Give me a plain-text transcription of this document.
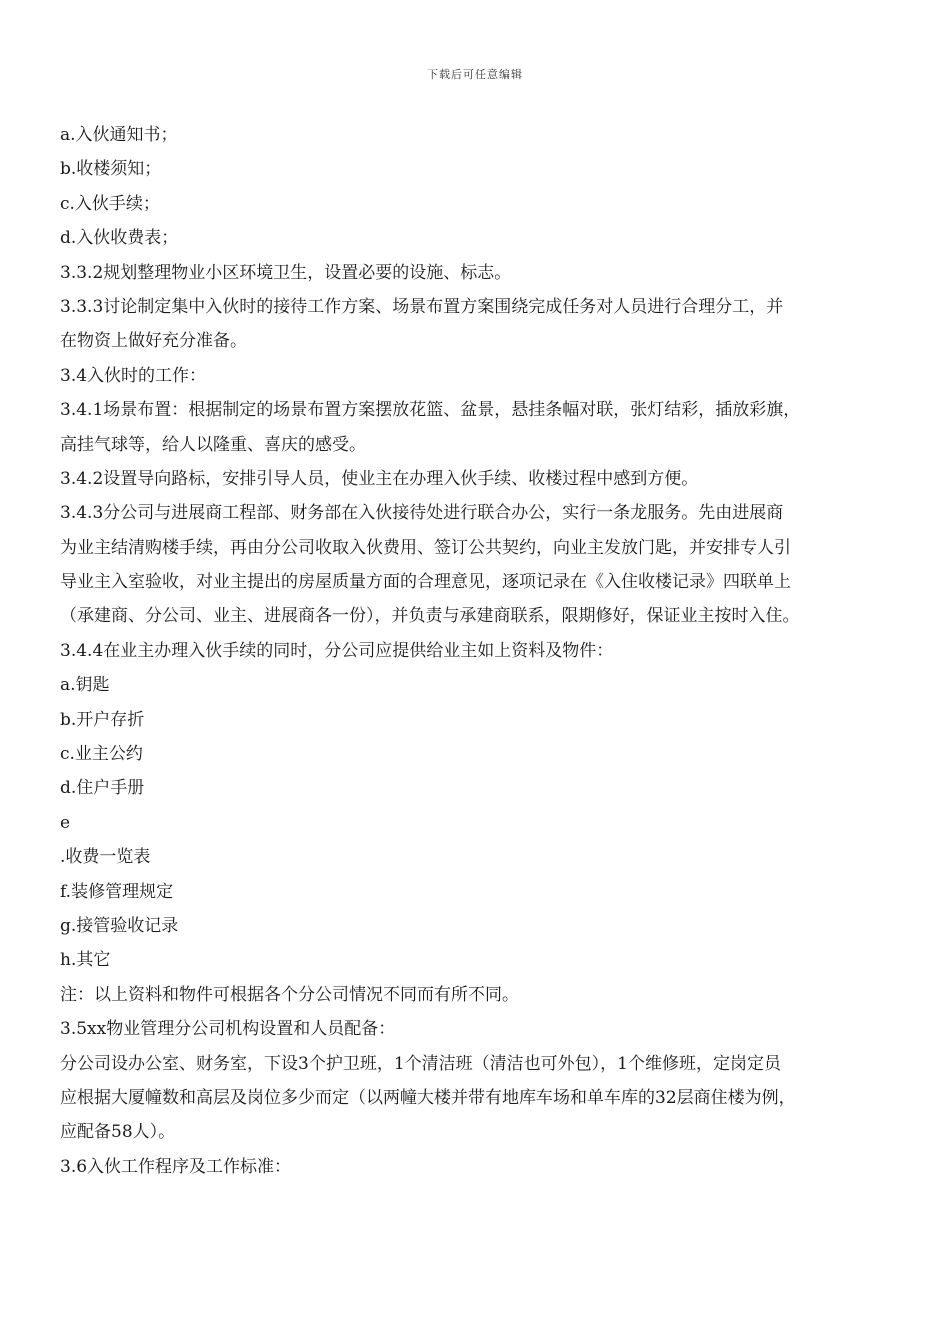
下载后可任意编辑
a.入伙通知书；
b.收楼须知；
c.入伙手续；
d.入伙收费表；
3.3.2规划整理物业小区环境卫生，设置必要的设施、标志。
3.3.3讨论制定集中入伙时的接待工作方案、场景布置方案围绕完成任务对人员进行合理分工，并
在物资上做好充分准备。
3.4入伙时的工作：
3.4.1场景布置：根据制定的场景布置方案摆放花篮、盆景，悬挂条幅对联，张灯结彩，插放彩旗，
高挂气球等，给人以隆重、喜庆的感受。
3.4.2设置导向路标，安排引导人员，使业主在办理入伙手续、收楼过程中感到方便。
3.4.3分公司与进展商工程部、财务部在入伙接待处进行联合办公，实行一条龙服务。先由进展商
为业主结清购楼手续，再由分公司收取入伙费用、签订公共契约，向业主发放门匙，并安排专人引
导业主入室验收，对业主提出的房屋质量方面的合理意见，逐项记录在《入住收楼记录》四联单上
（承建商、分公司、业主、进展商各一份），并负责与承建商联系，限期修好，保证业主按时入住。
3.4.4在业主办理入伙手续的同时，分公司应提供给业主如上资料及物件：
a.钥匙
b.开户存折
c.业主公约
d.住户手册
e
.收费一览表
f.装修管理规定
g.接管验收记录
h.其它
注：以上资料和物件可根据各个分公司情况不同而有所不同。
3.5xx物业管理分公司机构设置和人员配备：
分公司设办公室、财务室，下设3个护卫班，1个清洁班（清洁也可外包），1个维修班，定岗定员
应根据大厦幢数和高层及岗位多少而定（以两幢大楼并带有地库车场和单车库的32层商住楼为例，
应配备58人）。
3.6入伙工作程序及工作标准：
